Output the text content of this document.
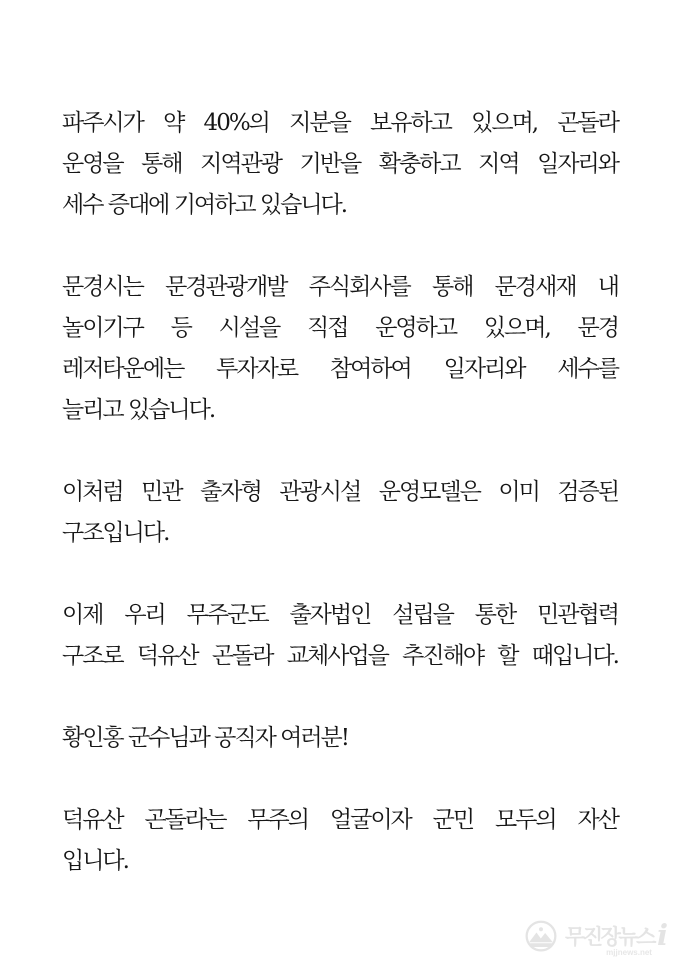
파주시가 약 40%의 지분을 보유하고 있으며, 곤돌라
운영을 통해 지역관광 기반을 확충하고 지역 일자리와
세수 증대에 기여하고 있습니다.

문경시는 문경관광개발 주식회사를 통해 문경새재 내
놀이기구 등 시설을 직접 운영하고 있으며, 문경
레저타운에는 투자자로 참여하여 일자리와 세수를
늘리고 있습니다.

이처럼 민관 출자형 관광시설 운영모델은 이미 검증된
구조입니다.

이제 우리 무주군도 출자법인 설립을 통한 민관협력
구조로 덕유산 곤돌라 교체사업을 추진해야 할 때입니다.

황인홍 군수님과 공직자 여러분!

덕유산 곤돌라는 무주의 얼굴이자 군민 모두의 자산
입니다.

무진장뉴스
mjjnews.net
i
